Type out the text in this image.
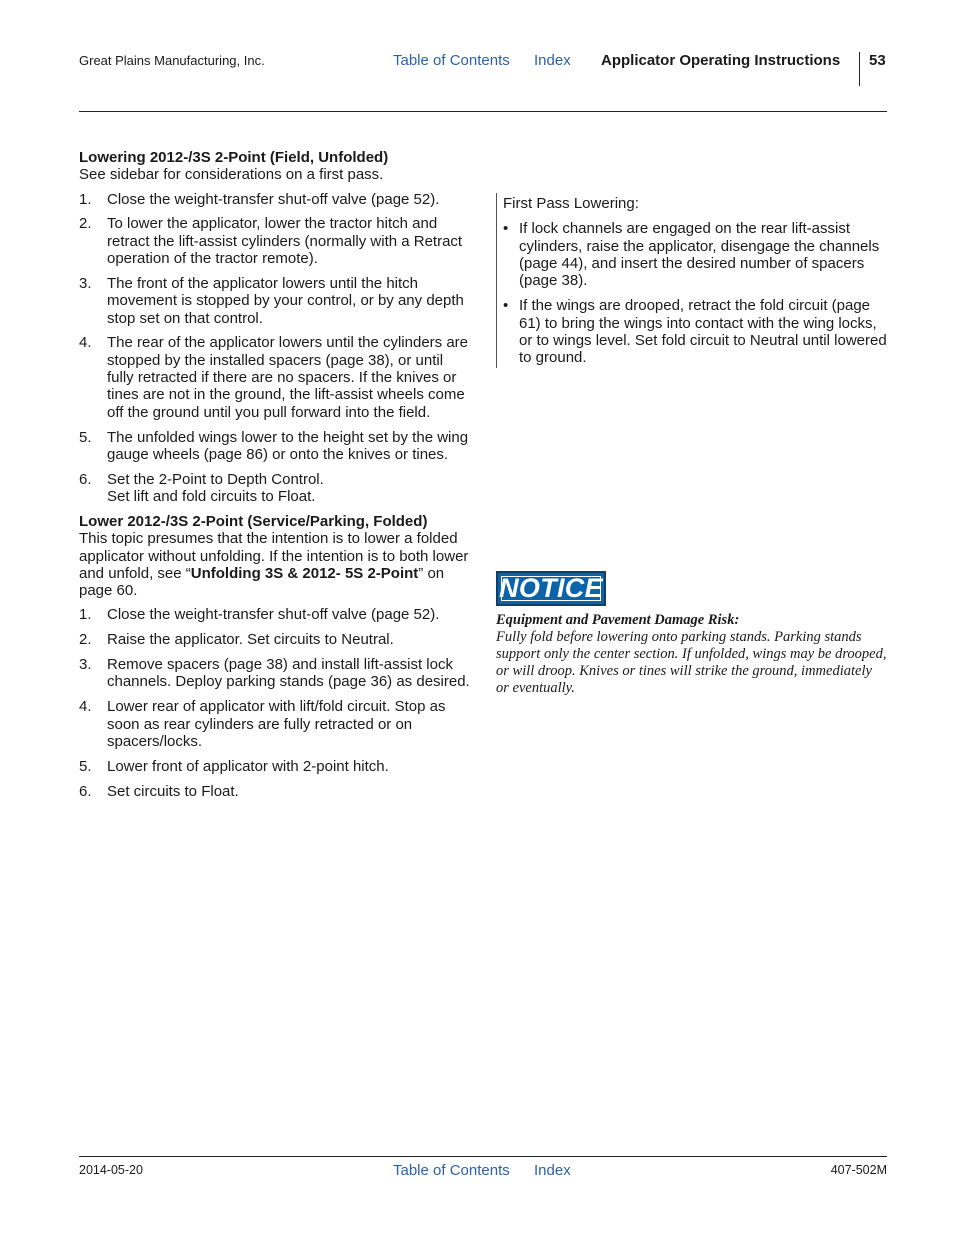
Great Plains Manufacturing, Inc.	Table of Contents Index Applicator Operating Instructions 53
Lowering 2012-/3S 2-Point (Field, Unfolded)

See sidebar for considerations on a first pass.

1. Close the weight-transfer shut-off valve (page 52).
2. To lower the applicator, lower the tractor hitch and retract the lift-assist cylinders (normally with a Retract operation of the tractor remote).
3. The front of the applicator lowers until the hitch movement is stopped by your control, or by any depth stop set on that control.
4. The rear of the applicator lowers until the cylinders are stopped by the installed spacers (page 38), or until fully retracted if there are no spacers. If the knives or tines are not in the ground, the lift-assist wheels come off the ground until you pull forward into the field.
5. The unfolded wings lower to the height set by the wing gauge wheels (page 86) or onto the knives or tines.
6. Set the 2-Point to Depth Control.
Set lift and fold circuits to Float.
Lower 2012-/3S 2-Point (Service/Parking, Folded)

This topic presumes that the intention is to lower a folded applicator without unfolding. If the intention is to both lower and unfold, see “Unfolding 3S & 2012- 5S 2-Point” on page 60.

1. Close the weight-transfer shut-off valve (page 52).
2. Raise the applicator. Set circuits to Neutral.
3. Remove spacers (page 38) and install lift-assist lock channels. Deploy parking stands (page 36) as desired.
4. Lower rear of applicator with lift/fold circuit. Stop as soon as rear cylinders are fully retracted or on spacers/locks.
5. Lower front of applicator with 2-point hitch.
6. Set circuits to Float.

First Pass Lowering:

• If lock channels are engaged on the rear lift-assist cylinders, raise the applicator, disengage the channels (page 44), and insert the desired number of spacers (page 38).
• If the wings are drooped, retract the fold circuit (page 61) to bring the wings into contact with the wing locks, or to wings level. Set fold circuit to Neutral until lowered to ground.
NOTICE

Equipment and Pavement Damage Risk:

Fully fold before lowering onto parking stands. Parking stands support only the center section. If unfolded, wings may be drooped, or will droop. Knives or tines will strike the ground, immediately or eventually.

2014-05-20	Table of Contents Index	407-502M
